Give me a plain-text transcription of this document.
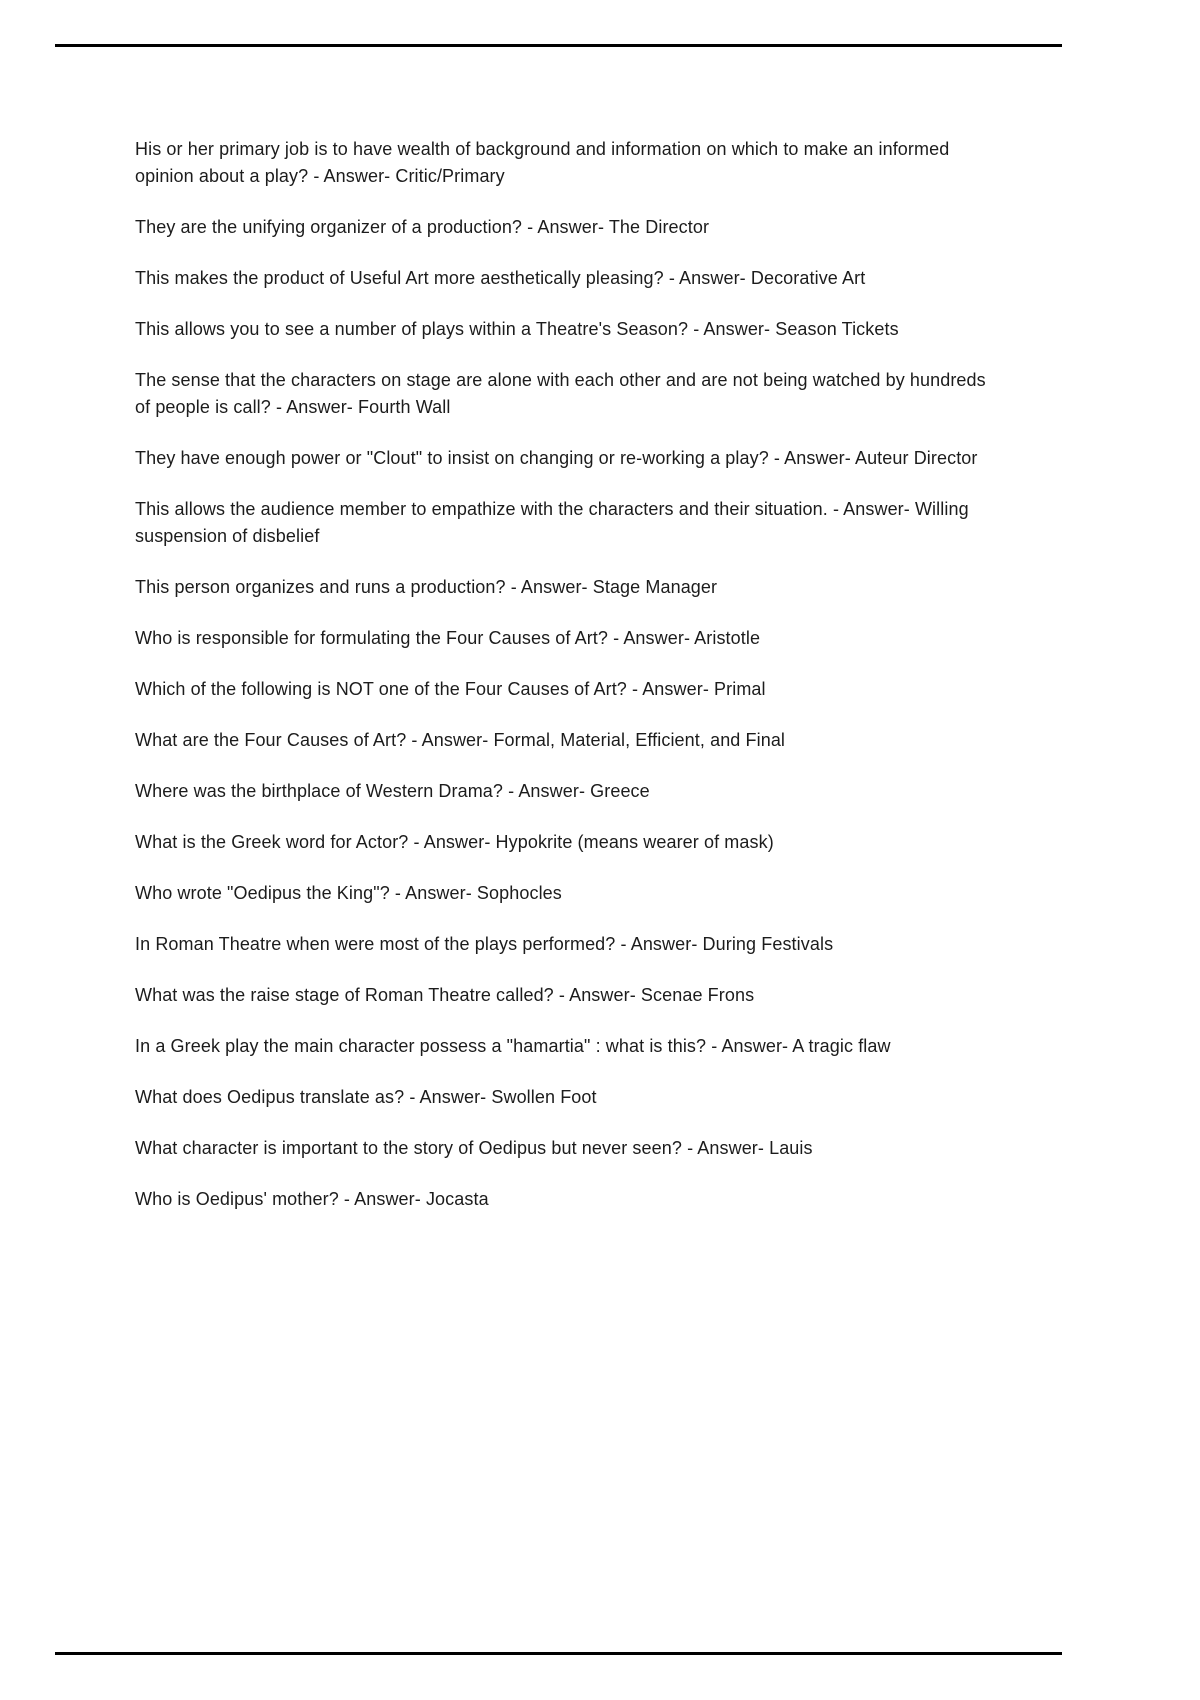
His or her primary job is to have wealth of background and information on which to make an informed opinion about a play? - Answer- Critic/Primary

They are the unifying organizer of a production? - Answer- The Director

This makes the product of Useful Art more aesthetically pleasing? - Answer- Decorative Art

This allows you to see a number of plays within a Theatre's Season? - Answer- Season Tickets

The sense that the characters on stage are alone with each other and are not being watched by hundreds of people is call? - Answer- Fourth Wall

They have enough power or "Clout" to insist on changing or re-working a play? - Answer- Auteur Director

This allows the audience member to empathize with the characters and their situation. - Answer- Willing suspension of disbelief

This person organizes and runs a production? - Answer- Stage Manager

Who is responsible for formulating the Four Causes of Art? - Answer- Aristotle

Which of the following is NOT one of the Four Causes of Art? - Answer- Primal

What are the Four Causes of Art? - Answer- Formal, Material, Efficient, and Final

Where was the birthplace of Western Drama? - Answer- Greece

What is the Greek word for Actor? - Answer- Hypokrite (means wearer of mask)

Who wrote "Oedipus the King"? - Answer- Sophocles

In Roman Theatre when were most of the plays performed? - Answer- During Festivals

What was the raise stage of Roman Theatre called? - Answer- Scenae Frons

In a Greek play the main character possess a "hamartia" : what is this? - Answer- A tragic flaw

What does Oedipus translate as? - Answer- Swollen Foot

What character is important to the story of Oedipus but never seen? - Answer- Lauis

Who is Oedipus' mother? - Answer- Jocasta
